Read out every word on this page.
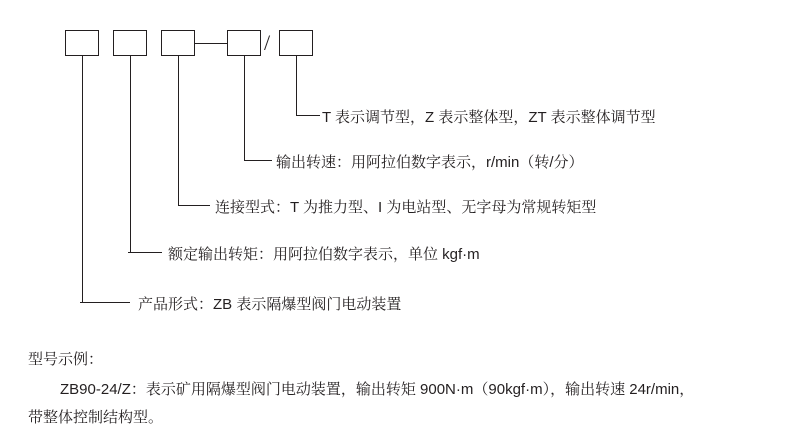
/
T 表示调节型，Z 表示整体型，ZT 表示整体调节型
输出转速：用阿拉伯数字表示，r/min（转/分）
连接型式：T 为推力型、I 为电站型、无字母为常规转矩型
额定输出转矩：用阿拉伯数字表示，单位 kgf·m
产品形式：ZB 表示隔爆型阀门电动装置
型号示例：
ZB90-24/Z：表示矿用隔爆型阀门电动装置，输出转矩 900N·m（90kgf·m），输出转速 24r/min，
带整体控制结构型。
